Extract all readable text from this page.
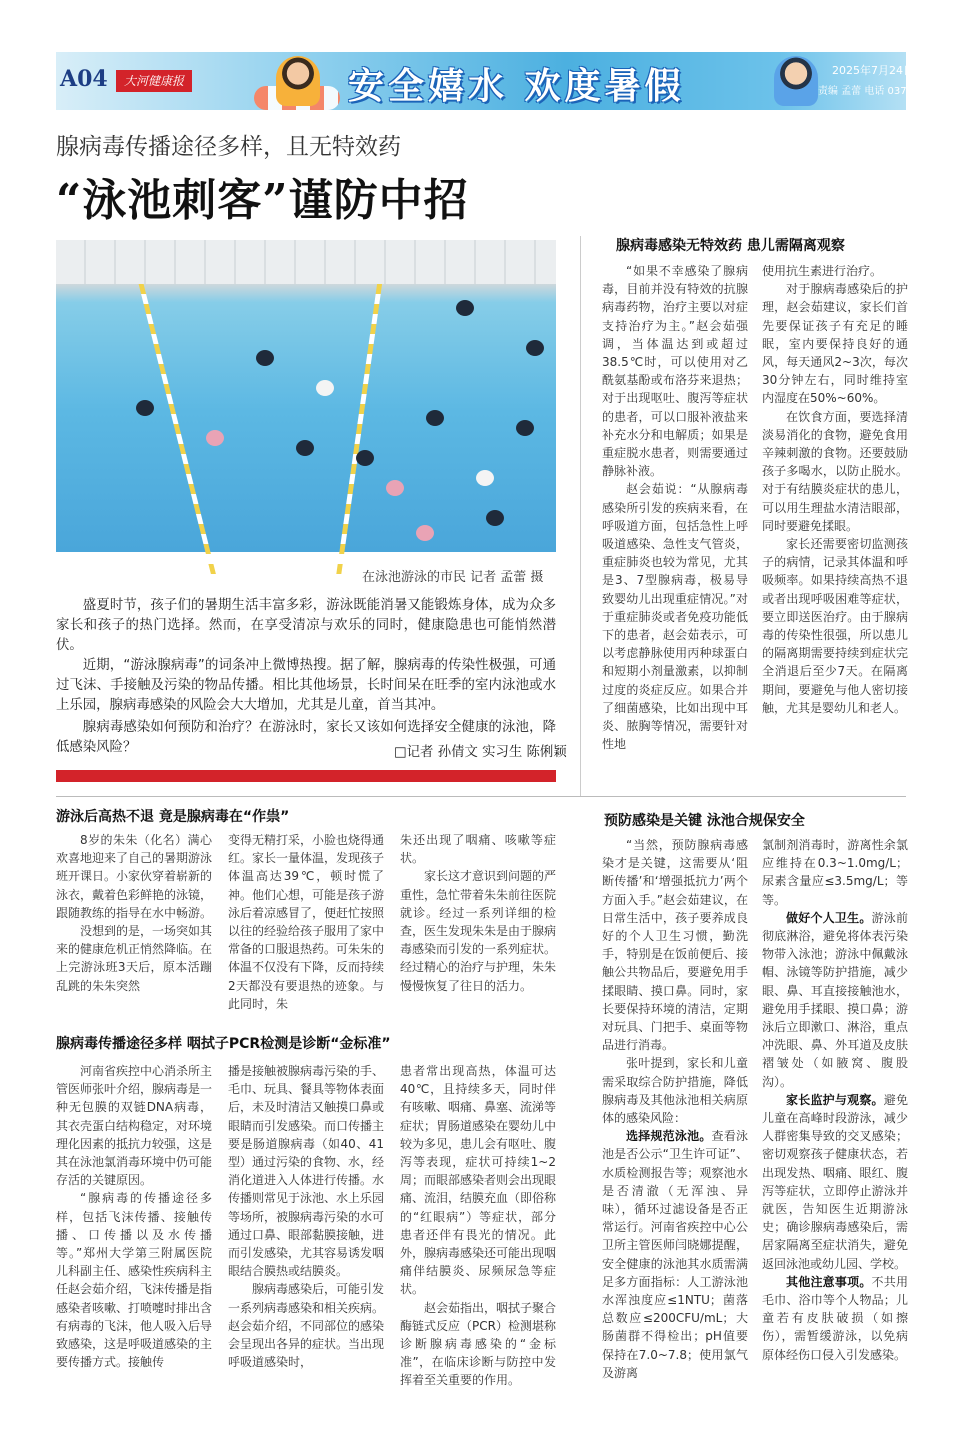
A04	大河健康报	安全嬉水 欢度暑假	2025年7月24日 星期四
责编 孟蕾 电话 0371-65795610
腺病毒传播途径多样，且无特效药
“泳池刺客”谨防中招
在泳池游泳的市民 记者 孟蕾 摄

盛夏时节，孩子们的暑期生活丰富多彩，游泳既能消暑又能锻炼身体，成为众多家长和孩子的热门选择。然而，在享受清凉与欢乐的同时，健康隐患也可能悄然潜伏。

近期，“游泳腺病毒”的词条冲上微博热搜。据了解，腺病毒的传染性极强，可通过飞沫、手接触及污染的物品传播。相比其他场景，长时间呆在旺季的室内泳池或水上乐园，腺病毒感染的风险会大大增加，尤其是儿童，首当其冲。

腺病毒感染如何预防和治疗？在游泳时，家长又该如何选择安全健康的泳池，降低感染风险？	□记者 孙倩文 实习生 陈俐颖
腺病毒感染无特效药 患儿需隔离观察

“如果不幸感染了腺病毒，目前并没有特效的抗腺病毒药物，治疗主要以对症支持治疗为主。”赵会茹强调，当体温达到或超过38.5℃时，可以使用对乙酰氨基酚或布洛芬来退热；对于出现呕吐、腹泻等症状的患者，可以口服补液盐来补充水分和电解质；如果是重症脱水患者，则需要通过静脉补液。

赵会茹说：“从腺病毒感染所引发的疾病来看，在呼吸道方面，包括急性上呼吸道感染、急性支气管炎，重症肺炎也较为常见，尤其是3、7型腺病毒，极易导致婴幼儿出现重症情况。”对于重症肺炎或者免疫功能低下的患者，赵会茹表示，可以考虑静脉使用丙种球蛋白和短期小剂量激素，以抑制过度的炎症反应。如果合并了细菌感染，比如出现中耳炎、脓胸等情况，需要针对性地

使用抗生素进行治疗。

对于腺病毒感染后的护理，赵会茹建议，家长们首先要保证孩子有充足的睡眠，室内要保持良好的通风，每天通风2~3次，每次30分钟左右，同时维持室内湿度在50%~60%。

在饮食方面，要选择清淡易消化的食物，避免食用辛辣刺激的食物。还要鼓励孩子多喝水，以防止脱水。对于有结膜炎症状的患儿，可以用生理盐水清洁眼部，同时要避免揉眼。

家长还需要密切监测孩子的病情，记录其体温和呼吸频率。如果持续高热不退或者出现呼吸困难等症状，要立即送医治疗。由于腺病毒的传染性很强，所以患儿的隔离期需要持续到症状完全消退后至少7天。在隔离期间，要避免与他人密切接触，尤其是婴幼儿和老人。

游泳后高热不退 竟是腺病毒在“作祟”

8岁的朱朱（化名）满心欢喜地迎来了自己的暑期游泳班开课日。小家伙穿着崭新的泳衣，戴着色彩鲜艳的泳镜，跟随教练的指导在水中畅游。

没想到的是，一场突如其来的健康危机正悄然降临。在上完游泳班3天后，原本活蹦乱跳的朱朱突然

变得无精打采，小脸也烧得通红。家长一量体温，发现孩子体温高达39℃，顿时慌了神。他们心想，可能是孩子游泳后着凉感冒了，便赶忙按照以往的经验给孩子服用了家中常备的口服退热药。可朱朱的体温不仅没有下降，反而持续2天都没有要退热的迹象。与此同时，朱

朱还出现了咽痛、咳嗽等症状。

家长这才意识到问题的严重性，急忙带着朱朱前往医院就诊。经过一系列详细的检查，医生发现朱朱是由于腺病毒感染而引发的一系列症状。经过精心的治疗与护理，朱朱慢慢恢复了往日的活力。

预防感染是关键 泳池合规保安全

“当然，预防腺病毒感染才是关键，这需要从‘阻断传播’和‘增强抵抗力’两个方面入手。”赵会茹建议，在日常生活中，孩子要养成良好的个人卫生习惯，勤洗手，特别是在饭前便后、接触公共物品后，要避免用手揉眼睛、摸口鼻。同时，家长要保持环境的清洁，定期对玩具、门把手、桌面等物品进行消毒。

张叶提到，家长和儿童需采取综合防护措施，降低腺病毒及其他泳池相关病原体的感染风险：

选择规范泳池。查看泳池是否公示“卫生许可证”、水质检测报告等；观察池水是否清澈（无浑浊、异味），循环过滤设备是否正常运行。河南省疾控中心公卫所主管医师闫晓娜提醒，安全健康的泳池其水质需满足多方面指标：人工游泳池水浑浊度应≤1NTU；菌落总数应≤200CFU/mL；大肠菌群不得检出；pH值要保持在7.0~7.8；使用氯气及游离

氯制剂消毒时，游离性余氯应维持在0.3~1.0mg/L；尿素含量应≤3.5mg/L；等等。

做好个人卫生。游泳前彻底淋浴，避免将体表污染物带入泳池；游泳中佩戴泳帽、泳镜等防护措施，减少眼、鼻、耳直接接触池水，避免用手揉眼、摸口鼻；游泳后立即漱口、淋浴，重点冲洗眼、鼻、外耳道及皮肤褶皱处（如腋窝、腹股沟）。

家长监护与观察。避免儿童在高峰时段游泳，减少人群密集导致的交叉感染；密切观察孩子健康状态，若出现发热、咽痛、眼红、腹泻等症状，立即停止游泳并就医，告知医生近期游泳史；确诊腺病毒感染后，需居家隔离至症状消失，避免返回泳池或幼儿园、学校。

其他注意事项。不共用毛巾、浴巾等个人物品；儿童若有皮肤破损（如擦伤），需暂缓游泳，以免病原体经伤口侵入引发感染。

腺病毒传播途径多样 咽拭子PCR检测是诊断“金标准”

河南省疾控中心消杀所主管医师张叶介绍，腺病毒是一种无包膜的双链DNA病毒，其衣壳蛋白结构稳定，对环境理化因素的抵抗力较强，这是其在泳池氯消毒环境中仍可能存活的关键原因。

“腺病毒的传播途径多样，包括飞沫传播、接触传播、口传播以及水传播等。”郑州大学第三附属医院儿科副主任、感染性疾病科主任赵会茹介绍，飞沫传播是指感染者咳嗽、打喷嚏时排出含有病毒的飞沫，他人吸入后导致感染，这是呼吸道感染的主要传播方式。接触传

播是接触被腺病毒污染的手、毛巾、玩具、餐具等物体表面后，未及时清洁又触摸口鼻或眼睛而引发感染。而口传播主要是肠道腺病毒（如40、41型）通过污染的食物、水，经消化道进入人体进行传播。水传播则常见于泳池、水上乐园等场所，被腺病毒污染的水可通过口鼻、眼部黏膜接触，进而引发感染，尤其容易诱发咽眼结合膜热或结膜炎。

腺病毒感染后，可能引发一系列病毒感染和相关疾病。赵会茹介绍，不同部位的感染会呈现出各异的症状。当出现呼吸道感染时，

患者常出现高热，体温可达40℃，且持续多天，同时伴有咳嗽、咽痛、鼻塞、流涕等症状；胃肠道感染在婴幼儿中较为多见，患儿会有呕吐、腹泻等表现，症状可持续1~2周；而眼部感染者则会出现眼痛、流泪，结膜充血（即俗称的“红眼病”）等症状，部分患者还伴有畏光的情况。此外，腺病毒感染还可能出现咽痛伴结膜炎、尿频尿急等症状。

赵会茹指出，咽拭子聚合酶链式反应（PCR）检测堪称诊断腺病毒感染的“金标准”，在临床诊断与防控中发挥着至关重要的作用。
